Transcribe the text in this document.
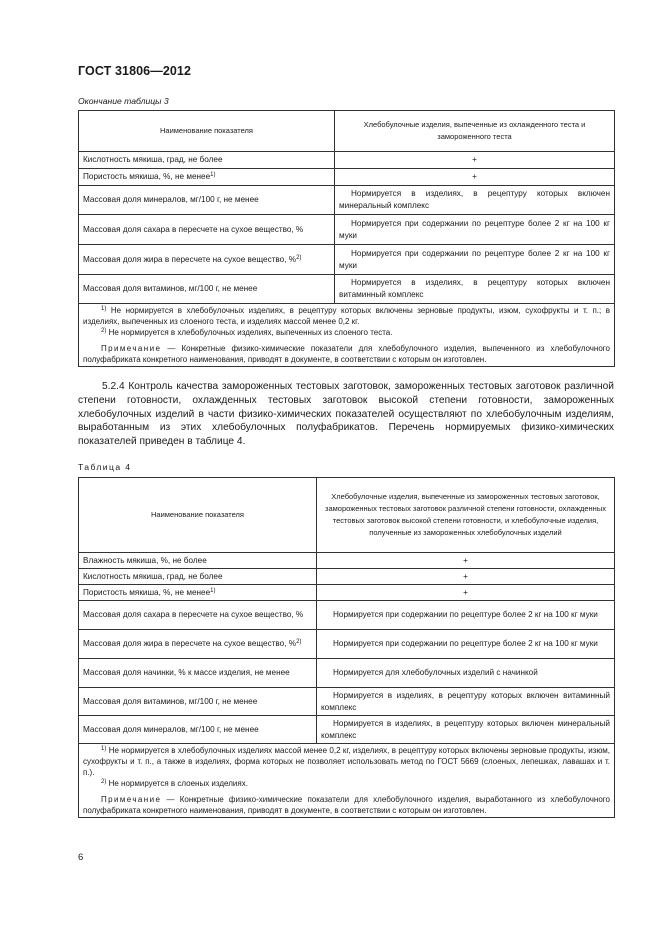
ГОСТ 31806—2012
Окончание таблицы 3
Наименование показателя	Хлебобулочные изделия, выпеченные из охлажденного теста и замороженного теста
Кислотность мякиша, град, не более	+
Пористость мякиша, %, не менее$^{1)}$	+
Массовая доля минералов, мг/100 г, не менее	Нормируется в изделиях, в рецептуру которых включен минеральный комплекс
Массовая доля сахара в пересчете на сухое вещество, %	Нормируется при содержании по рецептуре более 2 кг на 100 кг муки
Массовая доля жира в пересчете на сухое вещество, %$^{2)}$	Нормируется при содержании по рецептуре более 2 кг на 100 кг муки
Массовая доля витаминов, мг/100 г, не менее	Нормируется в изделиях, в рецептуру которых включен витаминный комплекс

$^{1)}$ Не нормируется в хлебобулочных изделиях, в рецептуру которых включены зерновые продукты, изюм, сухофрукты и т. п.; в изделиях, выпеченных из слоеного теста, и изделиях массой менее 0,2 кг.

$^{2)}$ Не нормируется в хлебобулочных изделиях, выпеченных из слоеного теста.

Примечание — Конкретные физико-химические показатели для хлебобулочного изделия, выпеченного из хлебобулочного полуфабриката конкретного наименования, приводят в документе, в соответствии с которым он изготовлен.	

5.2.4 Контроль качества замороженных тестовых заготовок, замороженных тестовых заготовок различной степени готовности, охлажденных тестовых заготовок высокой степени готовности, замороженных хлебобулочных изделий в части физико-химических показателей осуществляют по хлебобулочным изделиям, выработанным из этих хлебобулочных полуфабрикатов. Перечень нормируемых физико-химических показателей приведен в таблице 4.

Таблица 4
Наименование показателя	Хлебобулочные изделия, выпеченные из замороженных тестовых заготовок, замороженных тестовых заготовок различной степени готовности, охлажденных тестовых заготовок высокой степени готовности, и хлебобулочные изделия, полученные из замороженных хлебобулочных изделий
Влажность мякиша, %, не более	+
Кислотность мякиша, град, не более	+
Пористость мякиша, %, не менее$^{1)}$	+
Массовая доля сахара в пересчете на сухое вещество, %	Нормируется при содержании по рецептуре более 2 кг на 100 кг муки
Массовая доля жира в пересчете на сухое вещество, %$^{2)}$	Нормируется при содержании по рецептуре более 2 кг на 100 кг муки
Массовая доля начинки, % к массе изделия, не менее	Нормируется для хлебобулочных изделий с начинкой
Массовая доля витаминов, мг/100 г, не менее	Нормируется в изделиях, в рецептуру которых включен витаминный комплекс
Массовая доля минералов, мг/100 г, не менее	Нормируется в изделиях, в рецептуру которых включен минеральный комплекс

$^{1)}$ Не нормируется в хлебобулочных изделиях массой менее 0,2 кг, изделиях, в рецептуру которых включены зерновые продукты, изюм, сухофрукты и т. п., а также в изделиях, форма которых не позволяет использовать метод по ГОСТ 5669 (слоеных, лепешках, лавашах и т. п.).

$^{2)}$ Не нормируется в слоеных изделиях.

Примечание — Конкретные физико-химические показатели для хлебобулочного изделия, выработанного из хлебобулочного полуфабриката конкретного наименования, приводят в документе, в соответствии с которым он изготовлен.	

6
